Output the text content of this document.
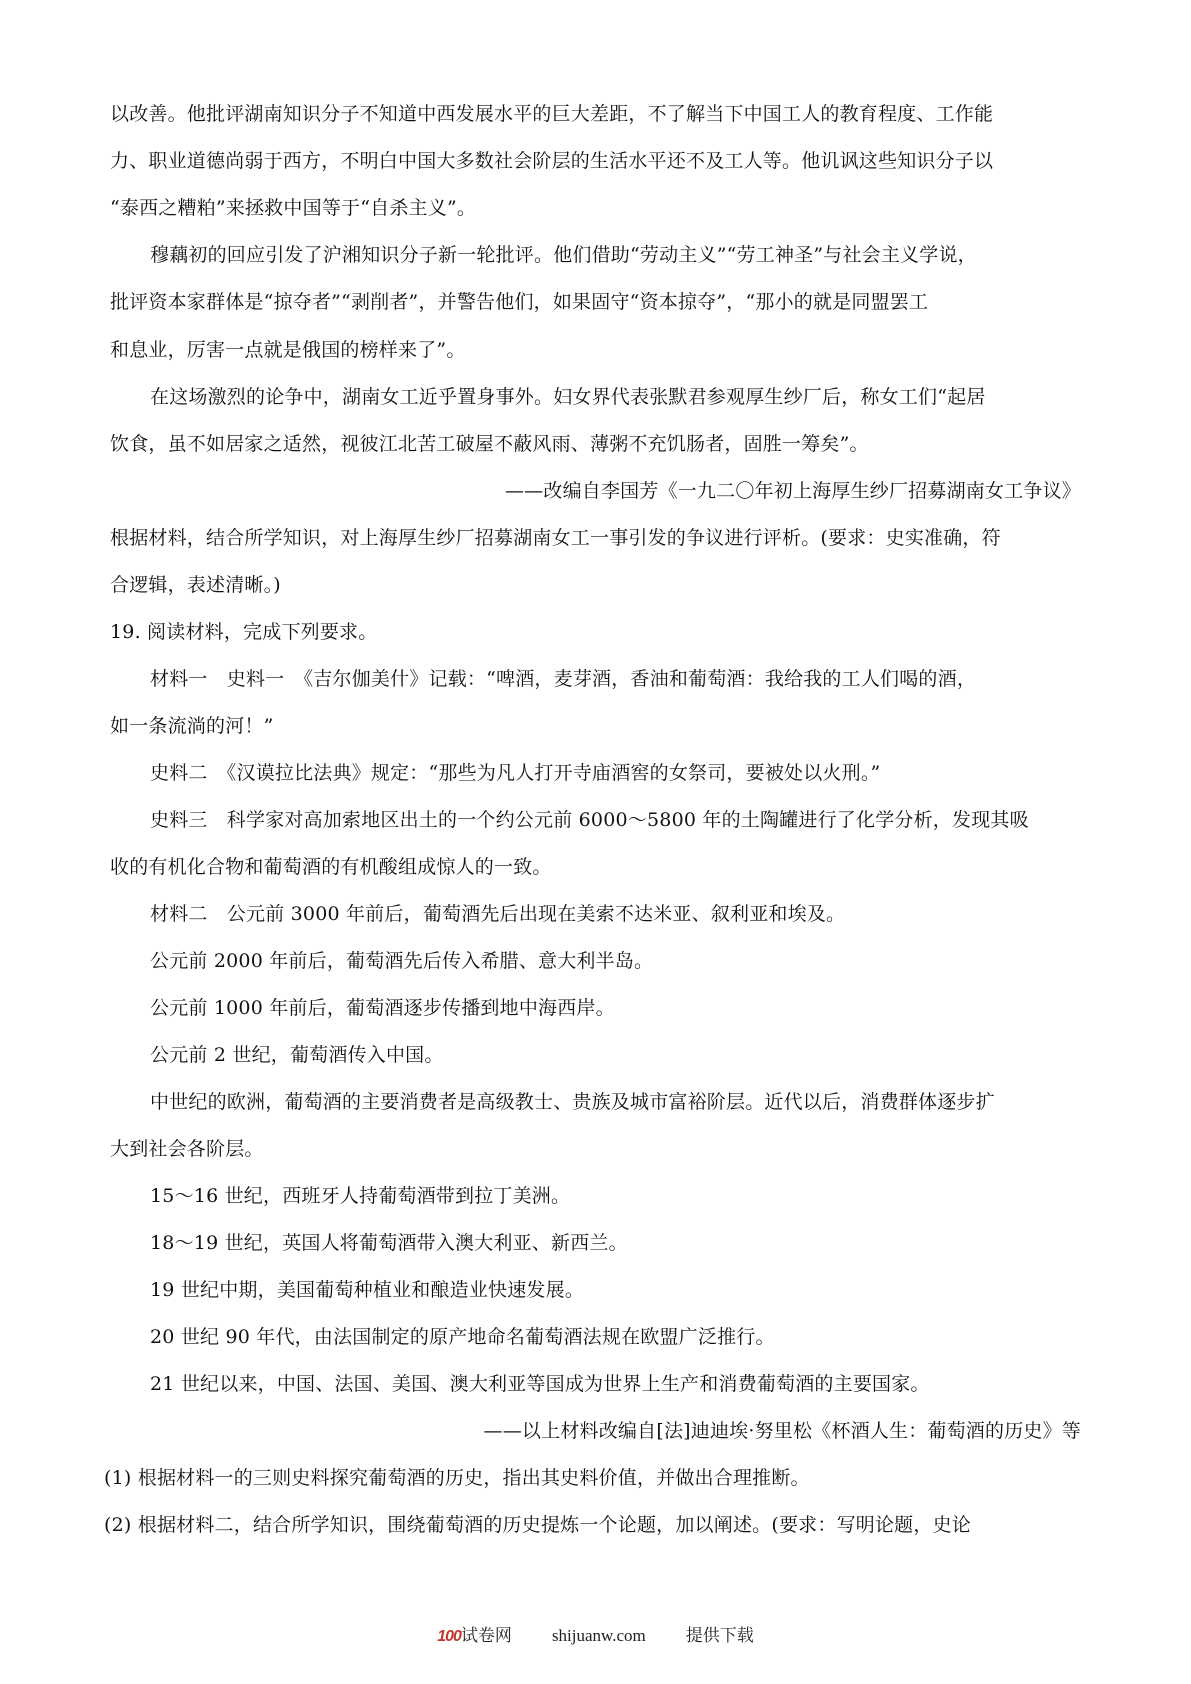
以改善。他批评湖南知识分子不知道中西发展水平的巨大差距，不了解当下中国工人的教育程度、工作能
力、职业道德尚弱于西方，不明白中国大多数社会阶层的生活水平还不及工人等。他讥讽这些知识分子以
“泰西之糟粕”来拯救中国等于“自杀主义”。
穆藕初的回应引发了沪湘知识分子新一轮批评。他们借助“劳动主义”“劳工神圣”与社会主义学说，
批评资本家群体是“掠夺者”“剥削者”，并警告他们，如果固守“资本掠夺”，“那小的就是同盟罢工
和息业，厉害一点就是俄国的榜样来了”。
在这场激烈的论争中，湖南女工近乎置身事外。妇女界代表张默君参观厚生纱厂后，称女工们“起居
饮食，虽不如居家之适然，视彼江北苦工破屋不蔽风雨、薄粥不充饥肠者，固胜一筹矣”。
——改编自李国芳《一九二〇年初上海厚生纱厂招募湖南女工争议》
根据材料，结合所学知识，对上海厚生纱厂招募湖南女工一事引发的争议进行评析。(要求：史实准确，符
合逻辑，表述清晰。)
19. 阅读材料，完成下列要求。
材料一　史料一　《吉尔伽美什》记载：“啤酒，麦芽酒，香油和葡萄酒：我给我的工人们喝的酒，
如一条流淌的河！”
史料二　《汉谟拉比法典》规定：“那些为凡人打开寺庙酒窖的女祭司，要被处以火刑。”
史料三　科学家对高加索地区出土的一个约公元前 6000～5800 年的土陶罐进行了化学分析，发现其吸
收的有机化合物和葡萄酒的有机酸组成惊人的一致。
材料二　公元前 3000 年前后，葡萄酒先后出现在美索不达米亚、叙利亚和埃及。
公元前 2000 年前后，葡萄酒先后传入希腊、意大利半岛。
公元前 1000 年前后，葡萄酒逐步传播到地中海西岸。
公元前 2 世纪，葡萄酒传入中国。
中世纪的欧洲，葡萄酒的主要消费者是高级教士、贵族及城市富裕阶层。近代以后，消费群体逐步扩
大到社会各阶层。
15～16 世纪，西班牙人持葡萄酒带到拉丁美洲。
18～19 世纪，英国人将葡萄酒带入澳大利亚、新西兰。
19 世纪中期，美国葡萄种植业和酿造业快速发展。
20 世纪 90 年代，由法国制定的原产地命名葡萄酒法规在欧盟广泛推行。
21 世纪以来，中国、法国、美国、澳大利亚等国成为世界上生产和消费葡萄酒的主要国家。
——以上材料改编自[法]迪迪埃·努里松《杯酒人生：葡萄酒的历史》等
(1) 根据材料一的三则史料探究葡萄酒的历史，指出其史料价值，并做出合理推断。
(2) 根据材料二，结合所学知识，围绕葡萄酒的历史提炼一个论题，加以阐述。(要求：写明论题，史论
100试卷网 shijuanw.com 提供下载
